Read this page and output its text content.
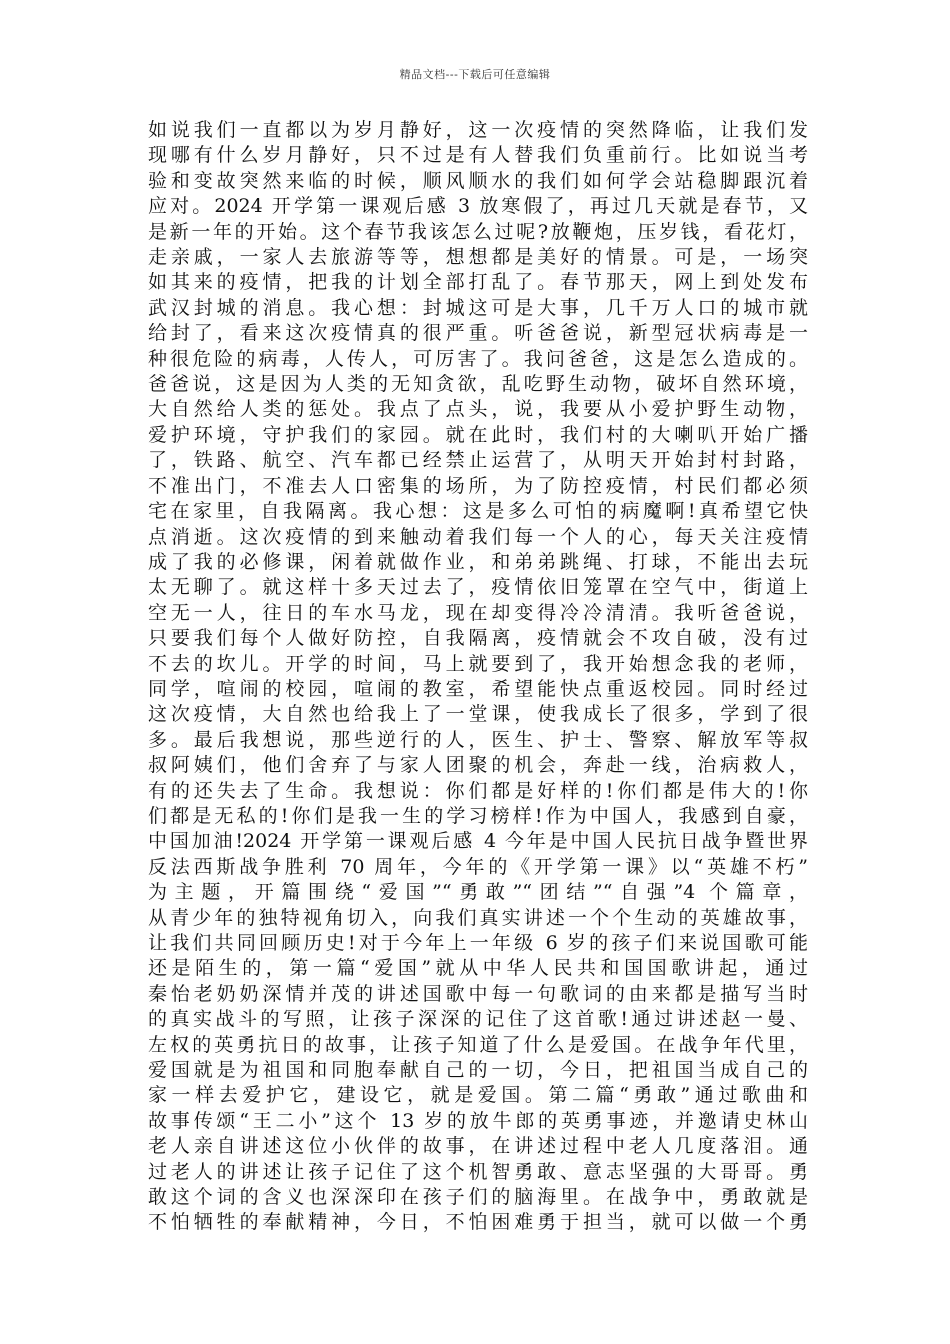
精品文档---下载后可任意编辑
如说我们一直都以为岁月静好，这一次疫情的突然降临，让我们发
现哪有什么岁月静好，只不过是有人替我们负重前行。比如说当考
验和变故突然来临的时候，顺风顺水的我们如何学会站稳脚跟沉着
应对。2024 开学第一课观后感 3 放寒假了，再过几天就是春节，又
是新一年的开始。这个春节我该怎么过呢?放鞭炮，压岁钱，看花灯，
走亲戚，一家人去旅游等等，想想都是美好的情景。可是，一场突
如其来的疫情，把我的计划全部打乱了。春节那天，网上到处发布
武汉封城的消息。我心想：封城这可是大事，几千万人口的城市就
给封了，看来这次疫情真的很严重。听爸爸说，新型冠状病毒是一
种很危险的病毒，人传人，可厉害了。我问爸爸，这是怎么造成的。
爸爸说，这是因为人类的无知贪欲，乱吃野生动物，破坏自然环境，
大自然给人类的惩处。我点了点头，说，我要从小爱护野生动物，
爱护环境，守护我们的家园。就在此时，我们村的大喇叭开始广播
了，铁路、航空、汽车都已经禁止运营了，从明天开始封村封路，
不准出门，不准去人口密集的场所，为了防控疫情，村民们都必须
宅在家里，自我隔离。我心想：这是多么可怕的病魔啊!真希望它快
点消逝。这次疫情的到来触动着我们每一个人的心，每天关注疫情
成了我的必修课，闲着就做作业，和弟弟跳绳、打球，不能出去玩
太无聊了。就这样十多天过去了，疫情依旧笼罩在空气中，街道上
空无一人，往日的车水马龙，现在却变得冷冷清清。我听爸爸说，
只要我们每个人做好防控，自我隔离，疫情就会不攻自破，没有过
不去的坎儿。开学的时间，马上就要到了，我开始想念我的老师，
同学，喧闹的校园，喧闹的教室，希望能快点重返校园。同时经过
这次疫情，大自然也给我上了一堂课，使我成长了很多，学到了很
多。最后我想说，那些逆行的人，医生、护士、警察、解放军等叔
叔阿姨们，他们舍弃了与家人团聚的机会，奔赴一线，治病救人，
有的还失去了生命。我想说：你们都是好样的!你们都是伟大的!你
们都是无私的!你们是我一生的学习榜样!作为中国人，我感到自豪，
中国加油!2024 开学第一课观后感 4 今年是中国人民抗日战争暨世界
反法西斯战争胜利 70 周年，今年的《开学第一课》以“英雄不朽”
为主题，开篇围绕“爱国”“勇敢”“团结”“自强”4 个篇章，
从青少年的独特视角切入，向我们真实讲述一个个生动的英雄故事，
让我们共同回顾历史!对于今年上一年级 6 岁的孩子们来说国歌可能
还是陌生的，第一篇“爱国”就从中华人民共和国国歌讲起，通过
秦怡老奶奶深情并茂的讲述国歌中每一句歌词的由来都是描写当时
的真实战斗的写照，让孩子深深的记住了这首歌!通过讲述赵一曼、
左权的英勇抗日的故事，让孩子知道了什么是爱国。在战争年代里，
爱国就是为祖国和同胞奉献自己的一切，今日，把祖国当成自己的
家一样去爱护它，建设它，就是爱国。第二篇“勇敢”通过歌曲和
故事传颂“王二小”这个 13 岁的放牛郎的英勇事迹，并邀请史林山
老人亲自讲述这位小伙伴的故事，在讲述过程中老人几度落泪。通
过老人的讲述让孩子记住了这个机智勇敢、意志坚强的大哥哥。勇
敢这个词的含义也深深印在孩子们的脑海里。在战争中，勇敢就是
不怕牺牲的奉献精神，今日，不怕困难勇于担当，就可以做一个勇
